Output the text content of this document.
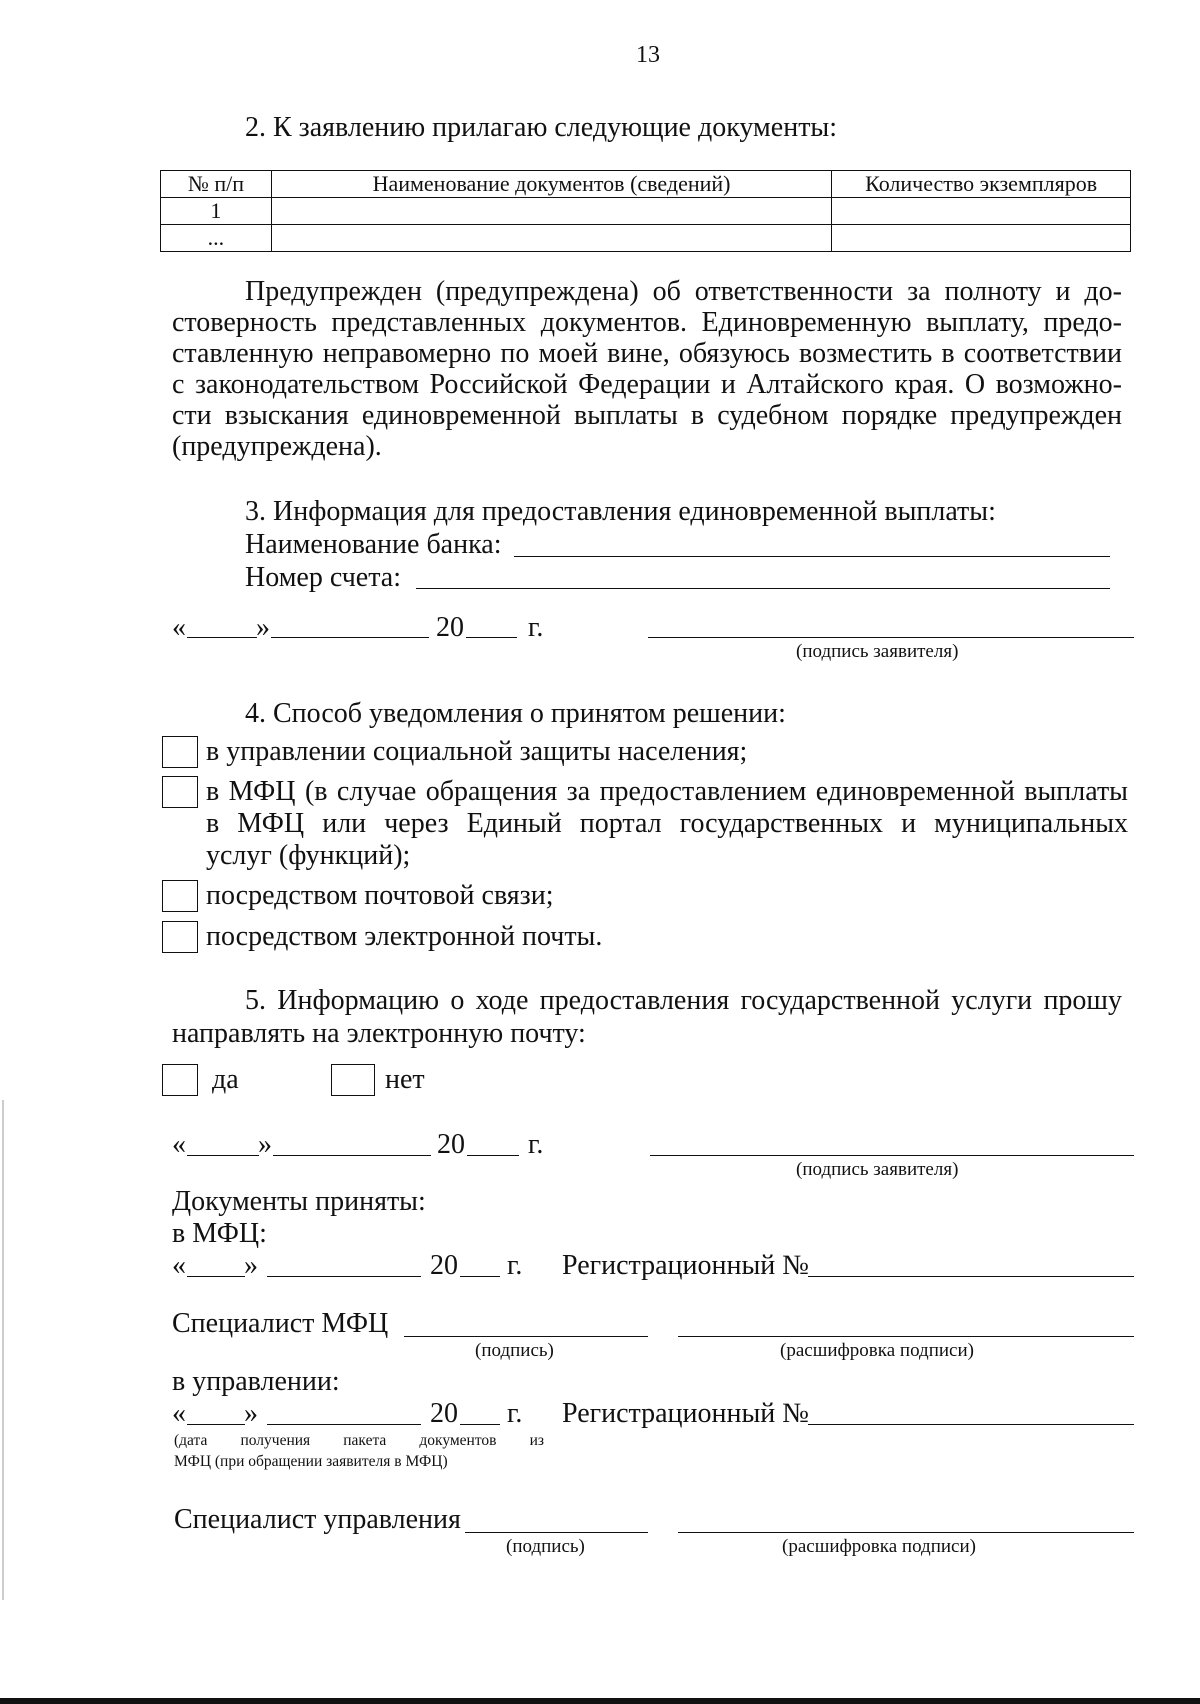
13
2. К заявлению прилагаю следующие документы:
№ п/п	Наименование документов (сведений)	Количество экземпляров
1		
...		
Предупрежден (предупреждена) об ответственности за полноту и до-
стоверность представленных документов. Единовременную выплату, предо-
ставленную неправомерно по моей вине, обязуюсь возместить в соответствии
с законодательством Российской Федерации и Алтайского края. О возможно-
сти взыскания единовременной выплаты в судебном порядке предупрежден
(предупреждена).
3. Информация для предоставления единовременной выплаты:
Наименование банка:
Номер счета:
«	»	20 г.
(подпись заявителя)
4. Способ уведомления о принятом решении:
в управлении социальной защиты населения;
в МФЦ (в случае обращения за предоставлением единовременной выплаты
в МФЦ или через Единый портал государственных и муниципальных
услуг (функций);
посредством почтовой связи;
посредством электронной почты.
5. Информацию о ходе предоставления государственной услуги прошу
направлять на электронную почту:
да	нет
«	»	20 г.
(подпись заявителя)
Документы приняты:
в МФЦ:
« »	20 г. Регистрационный №
Специалист МФЦ
(подпись)	(расшифровка подписи)
в управлении:
« »	20 г. Регистрационный №
(дата получения пакета документов из
МФЦ (при обращении заявителя в МФЦ)
Специалист управления
(подпись)	(расшифровка подписи)
